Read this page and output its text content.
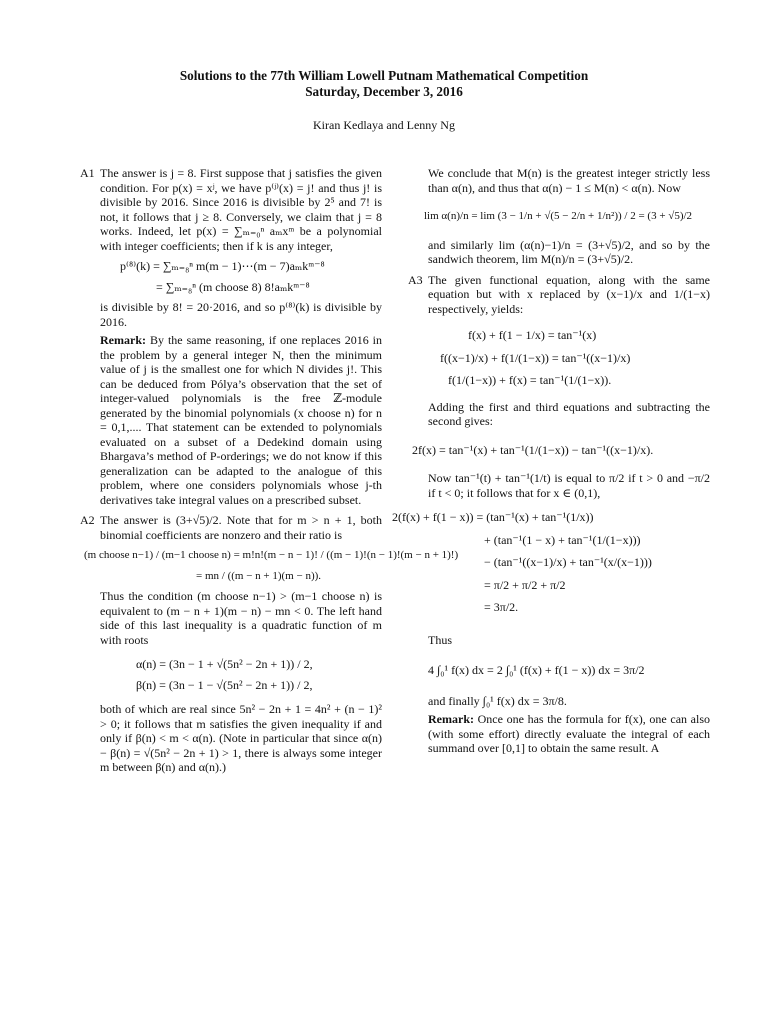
Solutions to the 77th William Lowell Putnam Mathematical Competition
Saturday, December 3, 2016
Kiran Kedlaya and Lenny Ng
A1 The answer is j = 8. First suppose that j satisfies the given condition. For p(x) = xʲ, we have p⁽ʲ⁾(x) = j! and thus j! is divisible by 2016. Since 2016 is divisible by 2⁵ and 7! is not, it follows that j ≥ 8. Conversely, we claim that j = 8 works. Indeed, let p(x) = ∑ₘ₌₀ⁿ aₘxᵐ be a polynomial with integer coefficients; then if k is any integer,

p⁽⁸⁾(k) = ∑ₘ₌₈ⁿ m(m − 1)⋯(m − 7)aₘkᵐ⁻⁸
= ∑ₘ₌₈ⁿ (m choose 8) 8!aₘkᵐ⁻⁸

is divisible by 8! = 20·2016, and so p⁽⁸⁾(k) is divisible by 2016.

Remark: By the same reasoning, if one replaces 2016 in the problem by a general integer N, then the minimum value of j is the smallest one for which N divides j!. This can be deduced from Pólya’s observation that the set of integer-valued polynomials is the free ℤ-module generated by the binomial polynomials (x choose n) for n = 0,1,.... That statement can be extended to polynomials evaluated on a subset of a Dedekind domain using Bhargava’s method of P-orderings; we do not know if this generalization can be adapted to the analogue of this problem, where one considers polynomials whose j-th derivatives take integral values on a prescribed subset.

A2 The answer is (3+√5)/2. Note that for m > n + 1, both binomial coefficients are nonzero and their ratio is

(m choose n−1) / (m−1 choose n) = m!n!(m − n − 1)! / ((m − 1)!(n − 1)!(m − n + 1)!)
= mn / ((m − n + 1)(m − n)).

Thus the condition (m choose n−1) > (m−1 choose n) is equivalent to (m − n + 1)(m − n) − mn < 0. The left hand side of this last inequality is a quadratic function of m with roots

α(n) = (3n − 1 + √(5n² − 2n + 1)) / 2,
β(n) = (3n − 1 − √(5n² − 2n + 1)) / 2,

both of which are real since 5n² − 2n + 1 = 4n² + (n − 1)² > 0; it follows that m satisfies the given inequality if and only if β(n) < m < α(n). (Note in particular that since α(n) − β(n) = √(5n² − 2n + 1) > 1, there is always some integer m between β(n) and α(n).)

We conclude that M(n) is the greatest integer strictly less than α(n), and thus that α(n) − 1 ≤ M(n) < α(n). Now

lim α(n)/n = lim (3 − 1/n + √(5 − 2/n + 1/n²)) / 2 = (3 + √5)/2

and similarly lim (α(n)−1)/n = (3+√5)/2, and so by the sandwich theorem, lim M(n)/n = (3+√5)/2.

A3 The given functional equation, along with the same equation but with x replaced by (x−1)/x and 1/(1−x) respectively, yields:

f(x) + f(1 − 1/x) = tan⁻¹(x)
f((x−1)/x) + f(1/(1−x)) = tan⁻¹((x−1)/x)
f(1/(1−x)) + f(x) = tan⁻¹(1/(1−x)).

Adding the first and third equations and subtracting the second gives:

2f(x) = tan⁻¹(x) + tan⁻¹(1/(1−x)) − tan⁻¹((x−1)/x).

Now tan⁻¹(t) + tan⁻¹(1/t) is equal to π/2 if t > 0 and −π/2 if t < 0; it follows that for x ∈ (0,1),

2(f(x) + f(1 − x)) = (tan⁻¹(x) + tan⁻¹(1/x))
+ (tan⁻¹(1 − x) + tan⁻¹(1/(1−x)))
− (tan⁻¹((x−1)/x) + tan⁻¹(x/(x−1)))
= π/2 + π/2 + π/2
= 3π/2.

Thus

4 ∫₀¹ f(x) dx = 2 ∫₀¹ (f(x) + f(1 − x)) dx = 3π/2

and finally ∫₀¹ f(x) dx = 3π/8.

Remark: Once one has the formula for f(x), one can also (with some effort) directly evaluate the integral of each summand over [0,1] to obtain the same result. A
